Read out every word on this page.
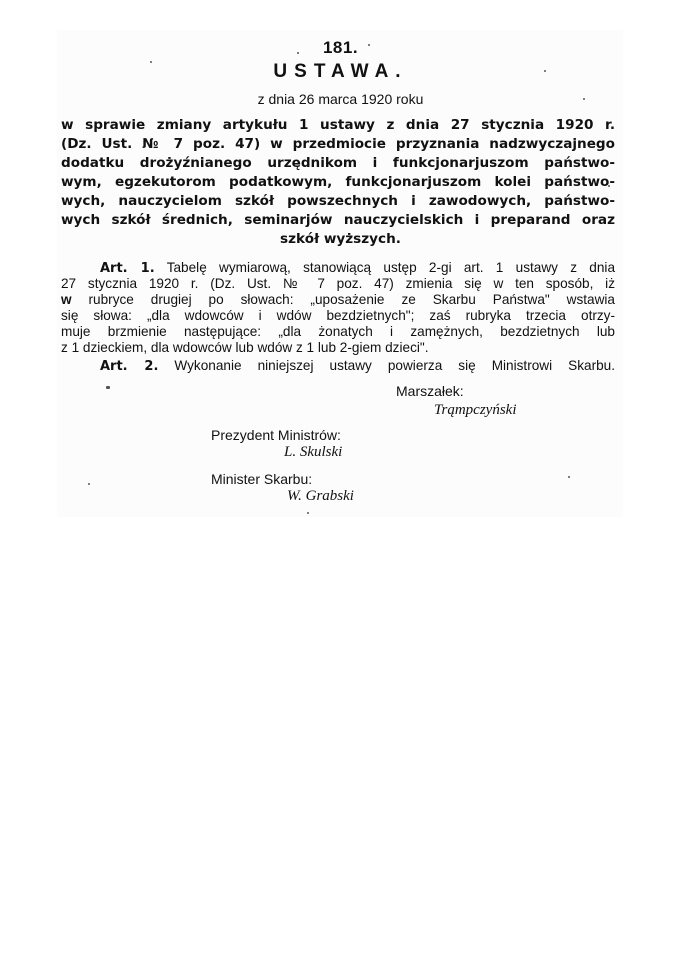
181.
USTAWA.
z dnia 26 marca 1920 roku
w sprawie zmiany artykułu 1 ustawy z dnia 27 stycznia 1920 r.
(Dz. Ust. № 7 poz. 47) w przedmiocie przyznania nadzwyczajnego
dodatku drożyźnianego urzędnikom i funkcjonarjuszom państwo-
wym, egzekutorom podatkowym, funkcjonarjuszom kolei państwo-
wych, nauczycielom szkół powszechnych i zawodowych, państwo-
wych szkół średnich, seminarjów nauczycielskich i preparand oraz
szkół wyższych.
Art. 1. Tabelę wymiarową, stanowiącą ustęp 2-gi art. 1 ustawy z dnia
27 stycznia 1920 r. (Dz. Ust. № 7 poz. 47) zmienia się w ten sposób, iż
w rubryce drugiej po słowach: „uposażenie ze Skarbu Państwa" wstawia
się słowa: „dla wdowców i wdów bezdzietnych"; zaś rubryka trzecia otrzy-
muje brzmienie następujące: „dla żonatych i zamężnych, bezdzietnych lub
z 1 dzieckiem, dla wdowców lub wdów z 1 lub 2-giem dzieci".
Art. 2. Wykonanie niniejszej ustawy powierza się Ministrowi Skarbu.
Marszałek:
Trąmpczyński
Prezydent Ministrów:
L. Skulski
Minister Skarbu:
W. Grabski
